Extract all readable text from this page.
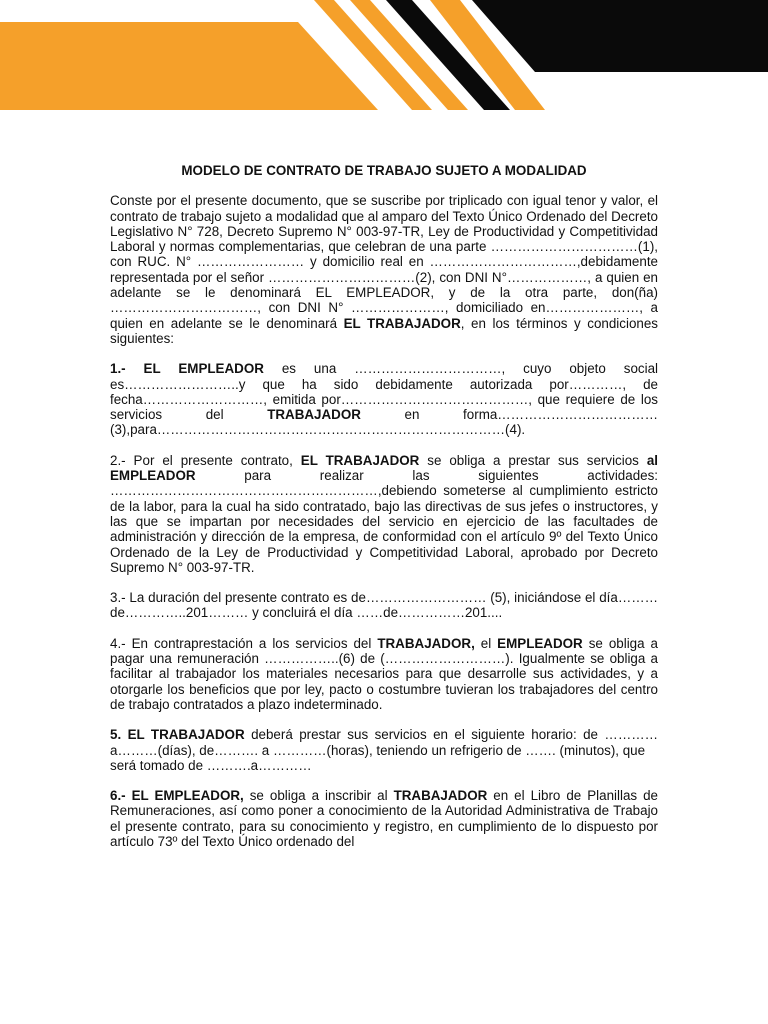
MODELO DE CONTRATO DE TRABAJO SUJETO A MODALIDAD

Conste por el presente documento, que se suscribe por triplicado con igual tenor y valor, el contrato de trabajo sujeto a modalidad que al amparo del Texto Único Ordenado del Decreto Legislativo N° 728, Decreto Supremo N° 003-97-TR, Ley de Productividad y Competitividad Laboral y normas complementarias, que celebran de una parte ……………………………(1), con RUC. N° …………………… y domicilio real en ……………………………,debidamente representada por el señor ……………………………(2), con DNI N°………………, a quien en adelante se le denominará EL EMPLEADOR, y de la otra parte, don(ña) ……………………………, con DNI N° …………………, domiciliado en…………………, a quien en adelante se le denominará EL TRABAJADOR, en los términos y condiciones siguientes:

1.- EL EMPLEADOR es una ……………………………, cuyo objeto social es……………………..y que ha sido debidamente autorizada por…………, de fecha………………………, emitida por……………………………………, que requiere de los servicios del TRABAJADOR en forma………………………………(3),para……………………………………………………………………(4).

2.- Por el presente contrato, EL TRABAJADOR se obliga a prestar sus servicios al EMPLEADOR para realizar las siguientes actividades: ……………………………………………………,debiendo someterse al cumplimiento estricto de la labor, para la cual ha sido contratado, bajo las directivas de sus jefes o instructores, y las que se impartan por necesidades del servicio en ejercicio de las facultades de administración y dirección de la empresa, de conformidad con el artículo 9º del Texto Único Ordenado de la Ley de Productividad y Competitividad Laboral, aprobado por Decreto Supremo N° 003-97-TR.

3.- La duración del presente contrato es de……………………… (5), iniciándose el día………de…………..201……… y concluirá el día ……de……………201....

4.- En contraprestación a los servicios del TRABAJADOR, el EMPLEADOR se obliga a pagar una remuneración ……………..(6) de (………………………). Igualmente se obliga a facilitar al trabajador los materiales necesarios para que desarrolle sus actividades, y a otorgarle los beneficios que por ley, pacto o costumbre tuvieran los trabajadores del centro de trabajo contratados a plazo indeterminado.

5. EL TRABAJADOR deberá prestar sus servicios en el siguiente horario: de ………… a………(días), de………. a …………(horas), teniendo un refrigerio de ……. (minutos), que

será tomado de ……….a…………

6.- EL EMPLEADOR, se obliga a inscribir al TRABAJADOR en el Libro de Planillas de Remuneraciones, así como poner a conocimiento de la Autoridad Administrativa de Trabajo el presente contrato, para su conocimiento y registro, en cumplimiento de lo dispuesto por artículo 73º del Texto Único ordenado del
